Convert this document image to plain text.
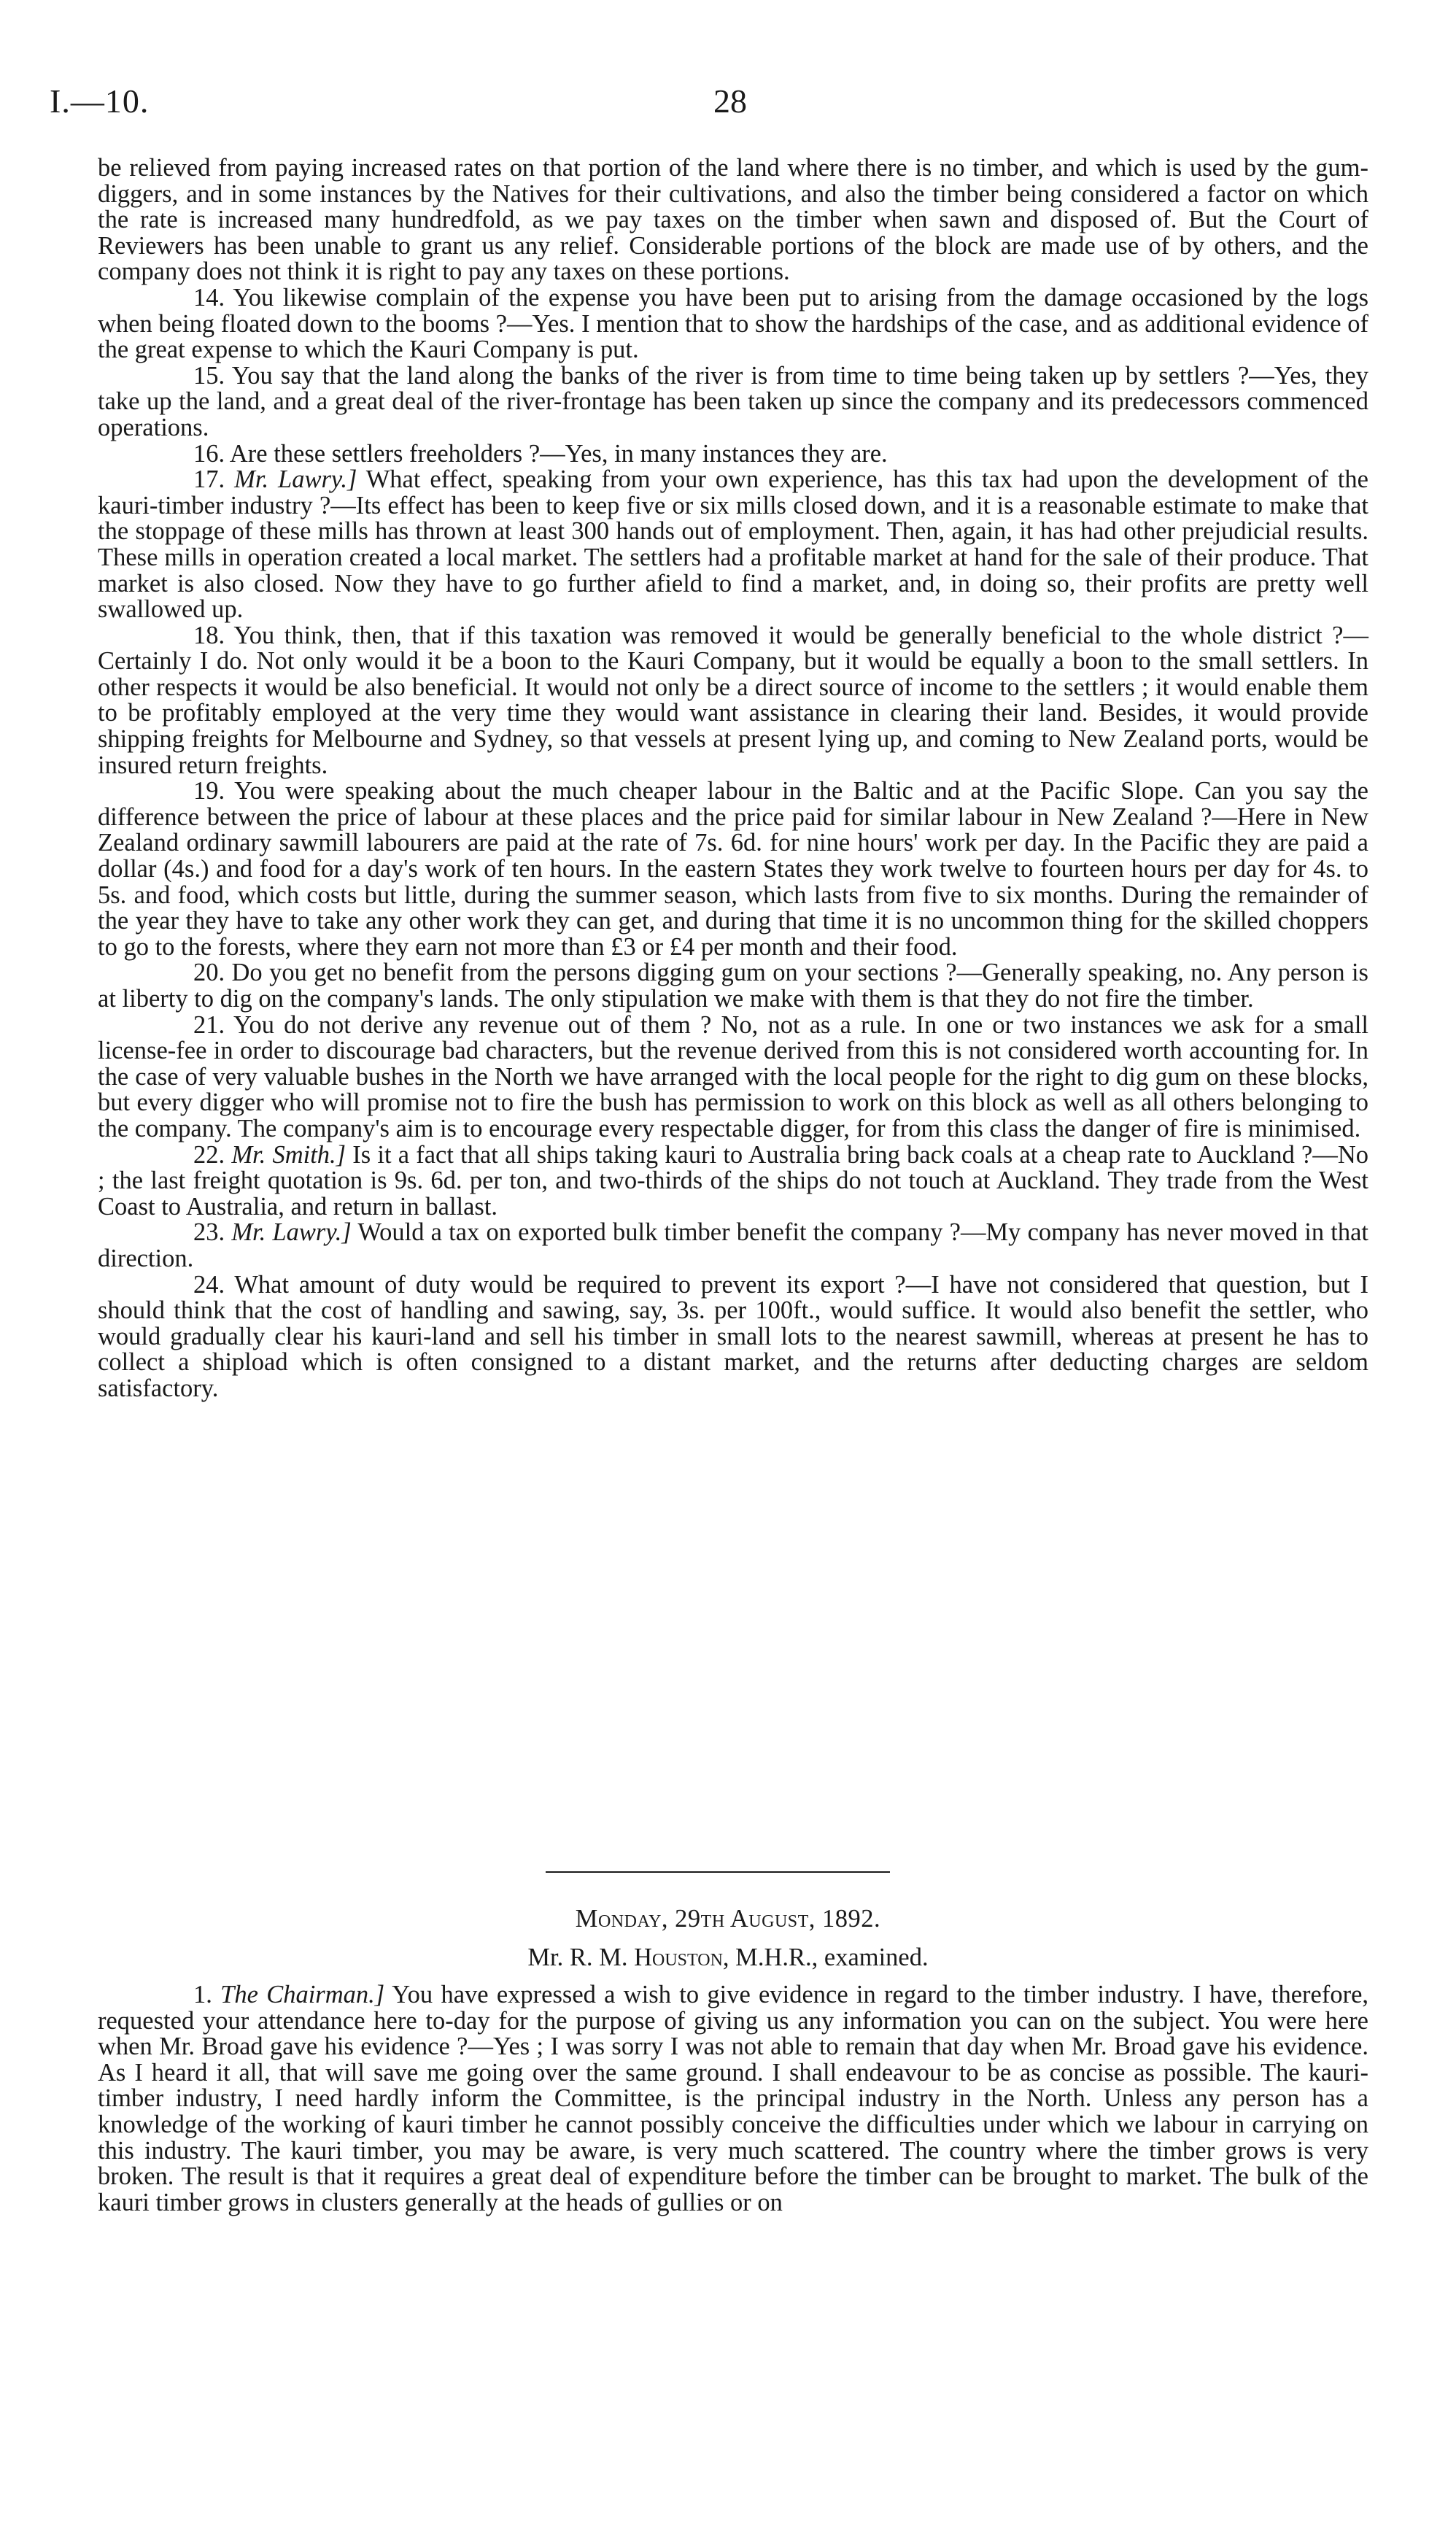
I.—10.	28

be relieved from paying increased rates on that portion of the land where there is no timber, and which is used by the gum-diggers, and in some instances by the Natives for their cultivations, and also the timber being considered a factor on which the rate is increased many hundredfold, as we pay taxes on the timber when sawn and disposed of. But the Court of Reviewers has been unable to grant us any relief. Considerable portions of the block are made use of by others, and the company does not think it is right to pay any taxes on these portions.

14. You likewise complain of the expense you have been put to arising from the damage occasioned by the logs when being floated down to the booms ?—Yes. I mention that to show the hardships of the case, and as additional evidence of the great expense to which the Kauri Company is put.

15. You say that the land along the banks of the river is from time to time being taken up by settlers ?—Yes, they take up the land, and a great deal of the river-frontage has been taken up since the company and its predecessors commenced operations.

16. Are these settlers freeholders ?—Yes, in many instances they are.

17. Mr. Lawry.] What effect, speaking from your own experience, has this tax had upon the development of the kauri-timber industry ?—Its effect has been to keep five or six mills closed down, and it is a reasonable estimate to make that the stoppage of these mills has thrown at least 300 hands out of employment. Then, again, it has had other prejudicial results. These mills in operation created a local market. The settlers had a profitable market at hand for the sale of their produce. That market is also closed. Now they have to go further afield to find a market, and, in doing so, their profits are pretty well swallowed up.

18. You think, then, that if this taxation was removed it would be generally beneficial to the whole district ?—Certainly I do. Not only would it be a boon to the Kauri Company, but it would be equally a boon to the small settlers. In other respects it would be also beneficial. It would not only be a direct source of income to the settlers ; it would enable them to be profitably employed at the very time they would want assistance in clearing their land. Besides, it would provide shipping freights for Melbourne and Sydney, so that vessels at present lying up, and coming to New Zealand ports, would be insured return freights.

19. You were speaking about the much cheaper labour in the Baltic and at the Pacific Slope. Can you say the difference between the price of labour at these places and the price paid for similar labour in New Zealand ?—Here in New Zealand ordinary sawmill labourers are paid at the rate of 7s. 6d. for nine hours' work per day. In the Pacific they are paid a dollar (4s.) and food for a day's work of ten hours. In the eastern States they work twelve to fourteen hours per day for 4s. to 5s. and food, which costs but little, during the summer season, which lasts from five to six months. During the remainder of the year they have to take any other work they can get, and during that time it is no uncommon thing for the skilled choppers to go to the forests, where they earn not more than £3 or £4 per month and their food.

20. Do you get no benefit from the persons digging gum on your sections ?—Generally speaking, no. Any person is at liberty to dig on the company's lands. The only stipulation we make with them is that they do not fire the timber.

21. You do not derive any revenue out of them ? No, not as a rule. In one or two instances we ask for a small license-fee in order to discourage bad characters, but the revenue derived from this is not considered worth accounting for. In the case of very valuable bushes in the North we have arranged with the local people for the right to dig gum on these blocks, but every digger who will promise not to fire the bush has permission to work on this block as well as all others belonging to the company. The company's aim is to encourage every respectable digger, for from this class the danger of fire is minimised.

22. Mr. Smith.] Is it a fact that all ships taking kauri to Australia bring back coals at a cheap rate to Auckland ?—No ; the last freight quotation is 9s. 6d. per ton, and two-thirds of the ships do not touch at Auckland. They trade from the West Coast to Australia, and return in ballast.

23. Mr. Lawry.] Would a tax on exported bulk timber benefit the company ?—My company has never moved in that direction.

24. What amount of duty would be required to prevent its export ?—I have not considered that question, but I should think that the cost of handling and sawing, say, 3s. per 100ft., would suffice. It would also benefit the settler, who would gradually clear his kauri-land and sell his timber in small lots to the nearest sawmill, whereas at present he has to collect a shipload which is often consigned to a distant market, and the returns after deducting charges are seldom satisfactory.

Monday, 29th August, 1892.
Mr. R. M. Houston, M.H.R., examined.

1. The Chairman.] You have expressed a wish to give evidence in regard to the timber industry. I have, therefore, requested your attendance here to-day for the purpose of giving us any information you can on the subject. You were here when Mr. Broad gave his evidence ?—Yes ; I was sorry I was not able to remain that day when Mr. Broad gave his evidence. As I heard it all, that will save me going over the same ground. I shall endeavour to be as concise as possible. The kauri-timber industry, I need hardly inform the Committee, is the principal industry in the North. Unless any person has a knowledge of the working of kauri timber he cannot possibly conceive the difficulties under which we labour in carrying on this industry. The kauri timber, you may be aware, is very much scattered. The country where the timber grows is very broken. The result is that it requires a great deal of expenditure before the timber can be brought to market. The bulk of the kauri timber grows in clusters generally at the heads of gullies or on
